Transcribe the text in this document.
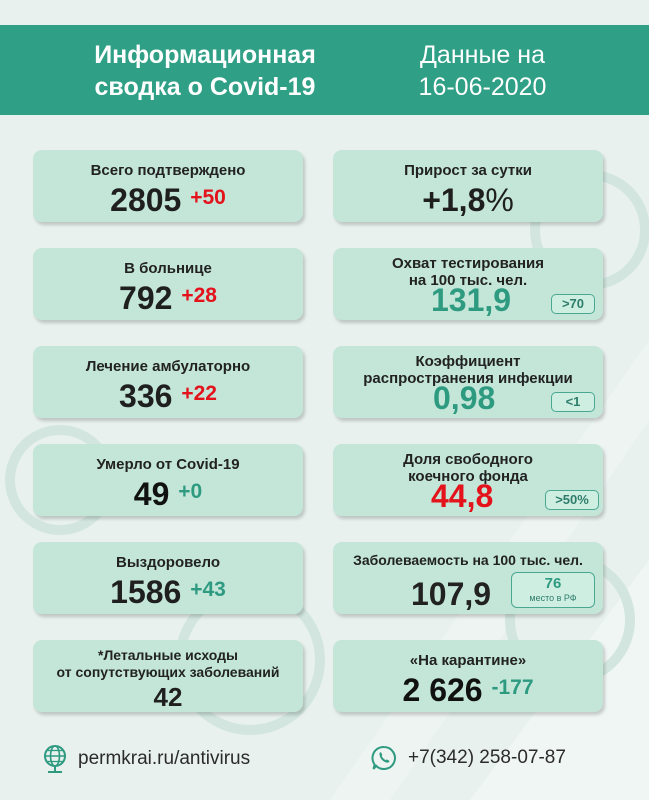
Информационная
сводка о Covid-19
Данные на
16-06-2020
Всего подтверждено
2805 $^{+50}$
В больнице
792 $^{+28}$
Лечение амбулаторно
336 $^{+22}$
Умерло от Covid-19
49 $^{+0}$
Выздоровело
1586 $^{+43}$
*Летальные исходы
от сопутствующих заболеваний
42
Прирост за сутки
+1,8%
Охват тестирования
на 100 тыс. чел.
131,9	>70
Коэффициент
распространения инфекции
0,98	<1
Доля свободного
коечного фонда
44,8	>50%
Заболеваемость на 100 тыс. чел.
107,9	76
место в РФ
«На карантине»
2 626 $^{-177}$
permkrai.ru/antivirus	+7(342) 258-07-87
